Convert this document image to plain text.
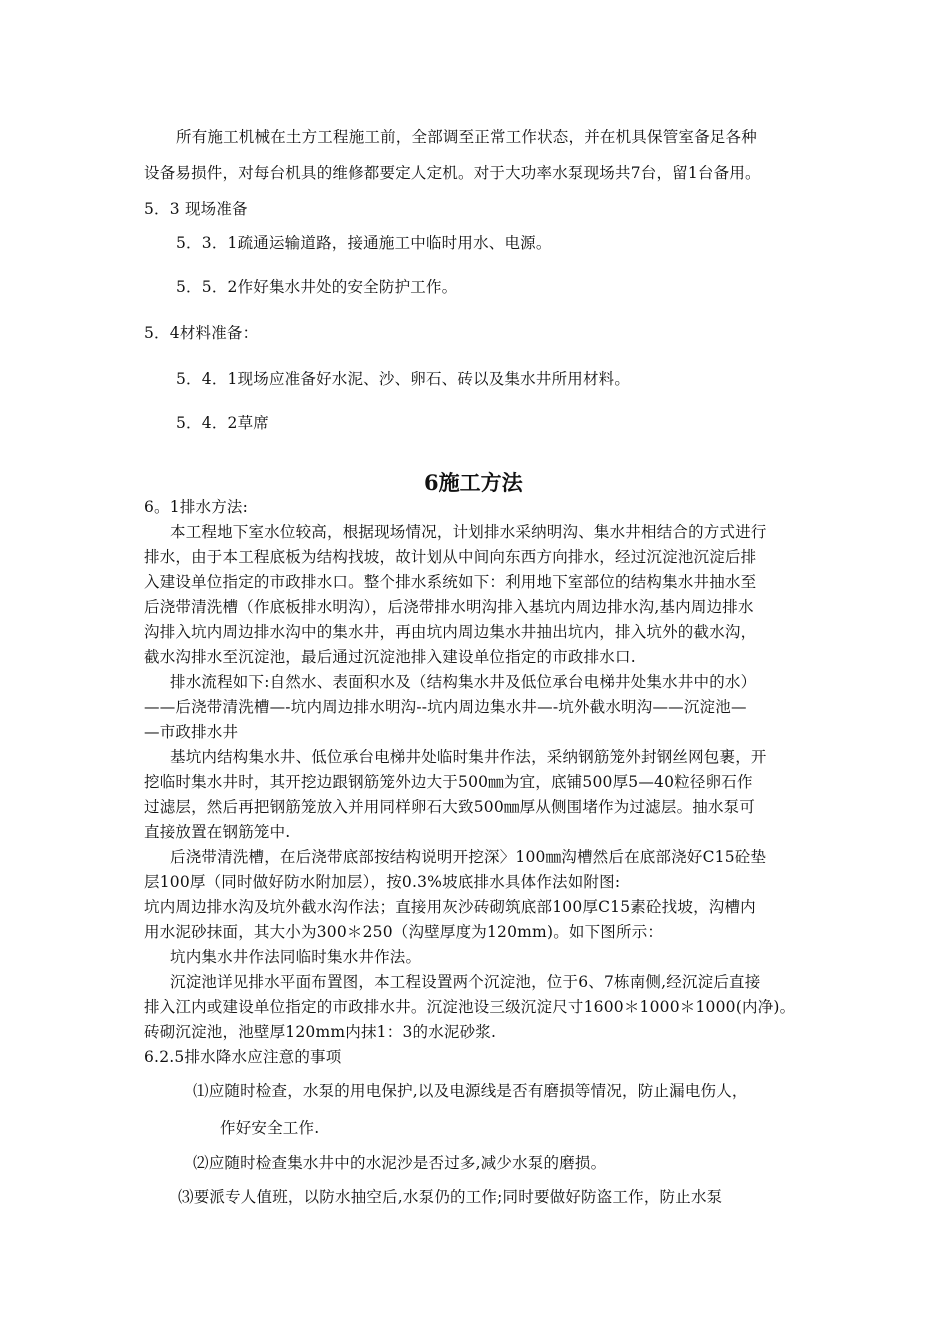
所有施工机械在土方工程施工前，全部调至正常工作状态，并在机具保管室备足各种
设备易损件，对每台机具的维修都要定人定机。对于大功率水泵现场共7台，留1台备用。
5．3 现场准备
5．3．1疏通运输道路，接通施工中临时用水、电源。
5．5．2作好集水井处的安全防护工作。
5．4材料准备：
5．4．1现场应准备好水泥、沙、卵石、砖以及集水井所用材料。
5．4．2草席
6施工方法
6。1排水方法:
本工程地下室水位较高，根据现场情况，计划排水采纳明沟、集水井相结合的方式进行
排水，由于本工程底板为结构找坡，故计划从中间向东西方向排水，经过沉淀池沉淀后排
入建设单位指定的市政排水口。整个排水系统如下：利用地下室部位的结构集水井抽水至
后浇带清洗槽（作底板排水明沟），后浇带排水明沟排入基坑内周边排水沟,基内周边排水
沟排入坑内周边排水沟中的集水井，再由坑内周边集水井抽出坑内，排入坑外的截水沟，
截水沟排水至沉淀池，最后通过沉淀池排入建设单位指定的市政排水口.
排水流程如下:自然水、表面积水及（结构集水井及低位承台电梯井处集水井中的水）
——后浇带清洗槽—-坑内周边排水明沟--坑内周边集水井—-坑外截水明沟——沉淀池—
—市政排水井
基坑内结构集水井、低位承台电梯井处临时集井作法，采纳钢筋笼外封钢丝网包裹，开
挖临时集水井时，其开挖边跟钢筋笼外边大于500㎜为宜，底铺500厚5—40粒径卵石作
过滤层，然后再把钢筋笼放入并用同样卵石大致500㎜厚从侧围堵作为过滤层。抽水泵可
直接放置在钢筋笼中.
后浇带清洗槽，在后浇带底部按结构说明开挖深〉100㎜沟槽然后在底部浇好C15砼垫
层100厚（同时做好防水附加层），按0.3%坡底排水具体作法如附图:
坑内周边排水沟及坑外截水沟作法；直接用灰沙砖砌筑底部100厚C15素砼找坡，沟槽内
用水泥砂抹面，其大小为300＊250（沟壁厚度为120mm)。如下图所示：
坑内集水井作法同临时集水井作法。
沉淀池详见排水平面布置图，本工程设置两个沉淀池，位于6、7栋南侧,经沉淀后直接
排入江内或建设单位指定的市政排水井。沉淀池设三级沉淀尺寸1600＊1000＊1000(内净)。
砖砌沉淀池，池壁厚120mm内抹1：3的水泥砂浆.
6.2.5排水降水应注意的事项
⑴应随时检查，水泵的用电保护,以及电源线是否有磨损等情况，防止漏电伤人，
作好安全工作.
⑵应随时检查集水井中的水泥沙是否过多,减少水泵的磨损。
⑶要派专人值班，以防水抽空后,水泵仍的工作;同时要做好防盗工作，防止水泵
